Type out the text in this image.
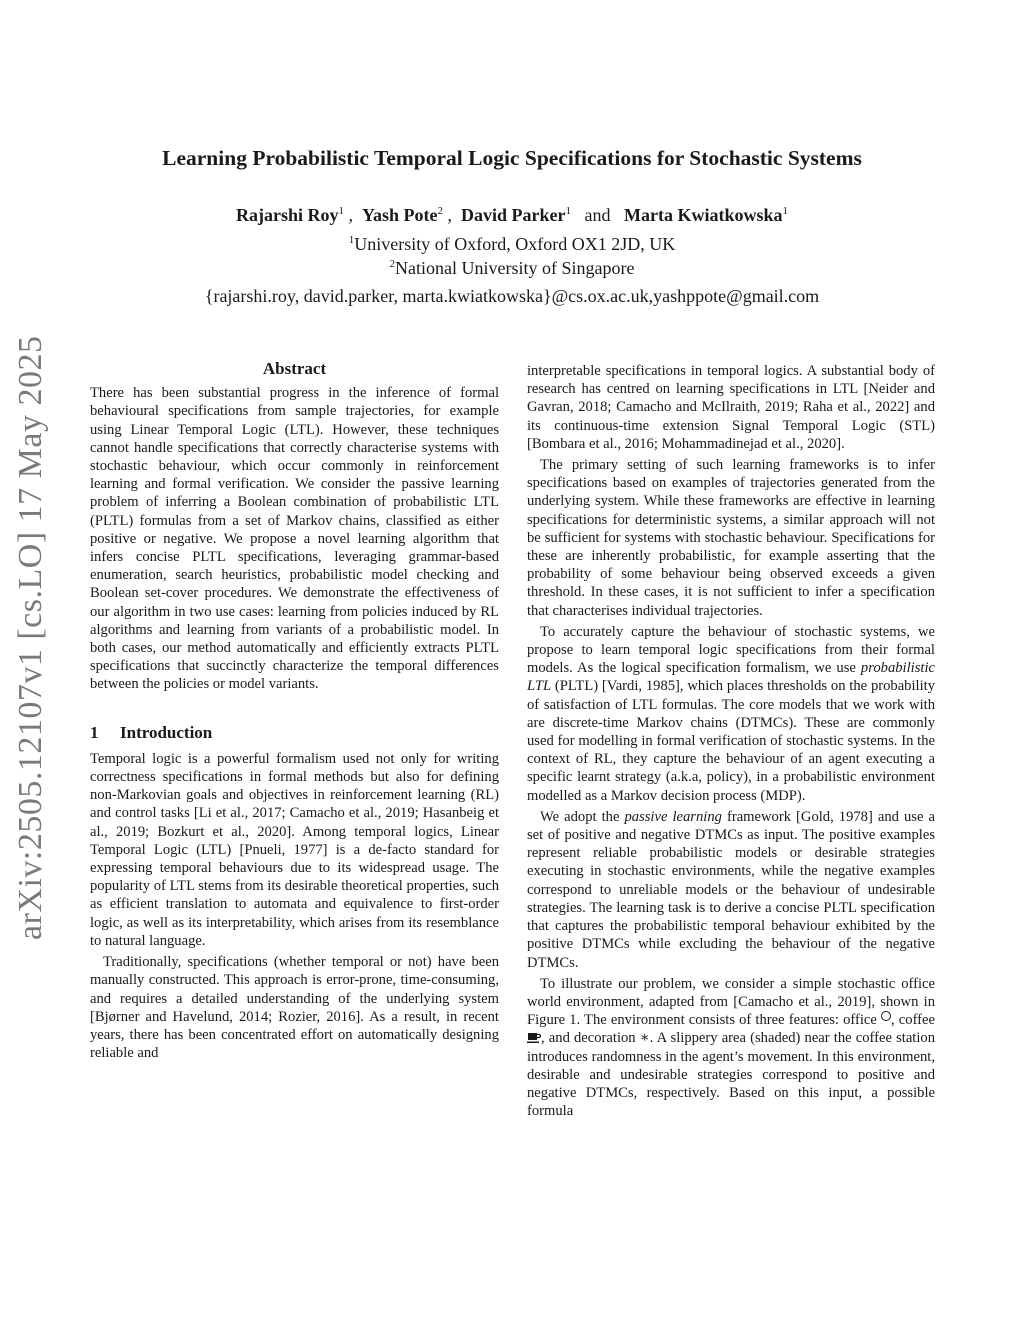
arXiv:2505.12107v1 [cs.LO] 17 May 2025
Learning Probabilistic Temporal Logic Specifications for Stochastic Systems
Rajarshi Roy$^1$ , Yash Pote$^2$ , David Parker$^1$ and Marta Kwiatkowska$^1$
$^1$University of Oxford, Oxford OX1 2JD, UK
$^2$National University of Singapore
{rajarshi.roy, david.parker, marta.kwiatkowska}@cs.ox.ac.uk,yashppote@gmail.com
Abstract

There has been substantial progress in the inference of formal behavioural specifications from sample trajectories, for example using Linear Temporal Logic (LTL). However, these techniques cannot handle specifications that correctly characterise systems with stochastic behaviour, which occur commonly in reinforcement learning and formal verification. We consider the passive learning problem of inferring a Boolean combination of probabilistic LTL (PLTL) formulas from a set of Markov chains, classified as either positive or negative. We propose a novel learning algorithm that infers concise PLTL specifications, leveraging grammar-based enumeration, search heuristics, probabilistic model checking and Boolean set-cover procedures. We demonstrate the effectiveness of our algorithm in two use cases: learning from policies induced by RL algorithms and learning from variants of a probabilistic model. In both cases, our method automatically and efficiently extracts PLTL specifications that succinctly characterize the temporal differences between the policies or model variants.

1 Introduction

Temporal logic is a powerful formalism used not only for writing correctness specifications in formal methods but also for defining non-Markovian goals and objectives in reinforcement learning (RL) and control tasks [Li et al., 2017; Camacho et al., 2019; Hasanbeig et al., 2019; Bozkurt et al., 2020]. Among temporal logics, Linear Temporal Logic (LTL) [Pnueli, 1977] is a de-facto standard for expressing temporal behaviours due to its widespread usage. The popularity of LTL stems from its desirable theoretical properties, such as efficient translation to automata and equivalence to first-order logic, as well as its interpretability, which arises from its resemblance to natural language.

Traditionally, specifications (whether temporal or not) have been manually constructed. This approach is error-prone, time-consuming, and requires a detailed understanding of the underlying system [Bjørner and Havelund, 2014; Rozier, 2016]. As a result, in recent years, there has been concentrated effort on automatically designing reliable and

interpretable specifications in temporal logics. A substantial body of research has centred on learning specifications in LTL [Neider and Gavran, 2018; Camacho and McIlraith, 2019; Raha et al., 2022] and its continuous-time extension Signal Temporal Logic (STL) [Bombara et al., 2016; Mohammadinejad et al., 2020].

The primary setting of such learning frameworks is to infer specifications based on examples of trajectories generated from the underlying system. While these frameworks are effective in learning specifications for deterministic systems, a similar approach will not be sufficient for systems with stochastic behaviour. Specifications for these are inherently probabilistic, for example asserting that the probability of some behaviour being observed exceeds a given threshold. In these cases, it is not sufficient to infer a specification that characterises individual trajectories.

To accurately capture the behaviour of stochastic systems, we propose to learn temporal logic specifications from their formal models. As the logical specification formalism, we use probabilistic LTL (PLTL) [Vardi, 1985], which places thresholds on the probability of satisfaction of LTL formulas. The core models that we work with are discrete-time Markov chains (DTMCs). These are commonly used for modelling in formal verification of stochastic systems. In the context of RL, they capture the behaviour of an agent executing a specific learnt strategy (a.k.a, policy), in a probabilistic environment modelled as a Markov decision process (MDP).

We adopt the passive learning framework [Gold, 1978] and use a set of positive and negative DTMCs as input. The positive examples represent reliable probabilistic models or desirable strategies executing in stochastic environments, while the negative examples correspond to unreliable models or the behaviour of undesirable strategies. The learning task is to derive a concise PLTL specification that captures the probabilistic temporal behaviour exhibited by the positive DTMCs while excluding the behaviour of the negative DTMCs.

To illustrate our problem, we consider a simple stochastic office world environment, adapted from [Camacho et al., 2019], shown in Figure 1. The environment consists of three features: office , coffee , and decoration ∗. A slippery area (shaded) near the coffee station introduces randomness in the agent’s movement. In this environment, desirable and undesirable strategies correspond to positive and negative DTMCs, respectively. Based on this input, a possible formula
